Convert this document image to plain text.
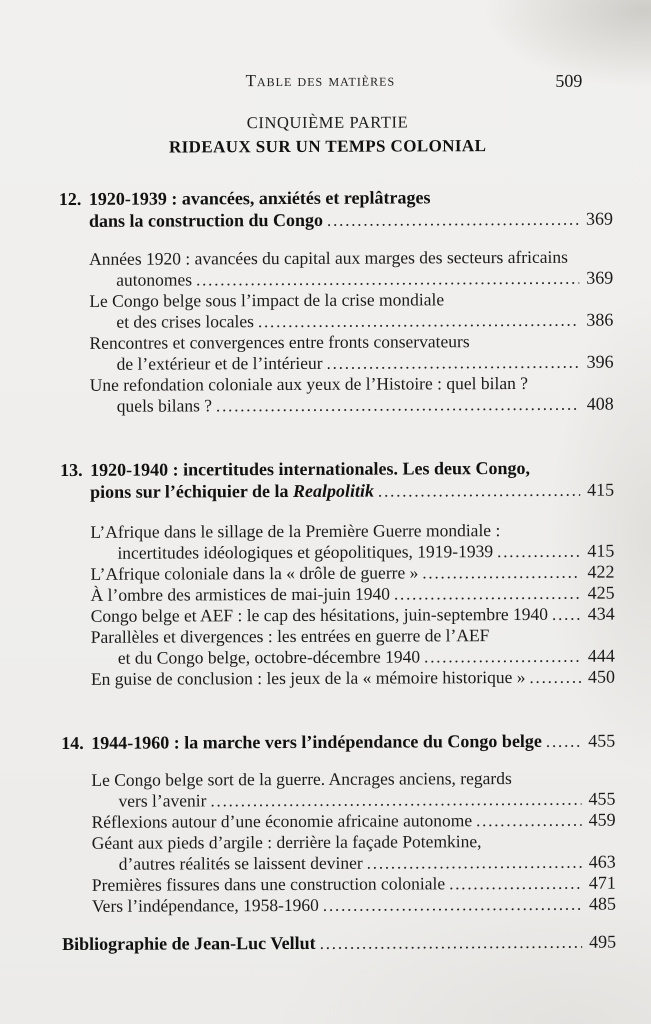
Table des matières	509
CINQUIÈME PARTIE
RIDEAUX SUR UN TEMPS COLONIAL
12. 1920-1939 : avancées, anxiétés et replâtrages
dans la construction du Congo .....	369
Années 1920 : avancées du capital aux marges des secteurs africains
autonomes .....	369
Le Congo belge sous l’impact de la crise mondiale
et des crises locales .....	386
Rencontres et convergences entre fronts conservateurs
de l’extérieur et de l’intérieur .....	396
Une refondation coloniale aux yeux de l’Histoire : quel bilan ?
quels bilans ? .....	408
13. 1920-1940 : incertitudes internationales. Les deux Congo,
pions sur l’échiquier de la Realpolitik .....	415
L’Afrique dans le sillage de la Première Guerre mondiale :
incertitudes idéologiques et géopolitiques, 1919-1939 .....	415
L’Afrique coloniale dans la « drôle de guerre » .....	422
À l’ombre des armistices de mai-juin 1940 .....	425
Congo belge et AEF : le cap des hésitations, juin-septembre 1940 ..... 434
Parallèles et divergences : les entrées en guerre de l’AEF
et du Congo belge, octobre-décembre 1940 .....	444
En guise de conclusion : les jeux de la « mémoire historique » .....	450
14. 1944-1960 : la marche vers l’indépendance du Congo belge .....	455
Le Congo belge sort de la guerre. Ancrages anciens, regards
vers l’avenir .....	455
Réflexions autour d’une économie africaine autonome .....	459
Géant aux pieds d’argile : derrière la façade Potemkine,
d’autres réalités se laissent deviner .....	463
Premières fissures dans une construction coloniale .....	471
Vers l’indépendance, 1958-1960 .....	485
Bibliographie de Jean-Luc Vellut .....	495
